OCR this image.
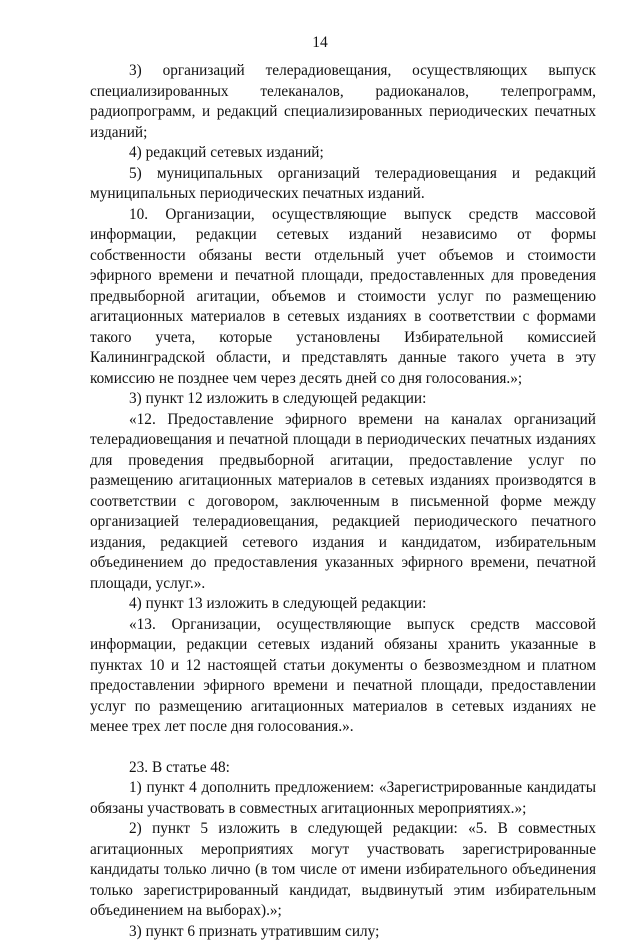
14

3) организаций телерадиовещания, осуществляющих выпуск специализированных телеканалов, радиоканалов, телепрограмм, радиопрограмм, и редакций специализированных периодических печатных изданий;

4) редакций сетевых изданий;

5) муниципальных организаций телерадиовещания и редакций муниципальных периодических печатных изданий.

10. Организации, осуществляющие выпуск средств массовой информации, редакции сетевых изданий независимо от формы собственности обязаны вести отдельный учет объемов и стоимости эфирного времени и печатной площади, предоставленных для проведения предвыборной агитации, объемов и стоимости услуг по размещению агитационных материалов в сетевых изданиях в соответствии с формами такого учета, которые установлены Избирательной комиссией Калининградской области, и представлять данные такого учета в эту комиссию не позднее чем через десять дней со дня голосования.»;

3) пункт 12 изложить в следующей редакции:

«12. Предоставление эфирного времени на каналах организаций телерадиовещания и печатной площади в периодических печатных изданиях для проведения предвыборной агитации, предоставление услуг по размещению агитационных материалов в сетевых изданиях производятся в соответствии с договором, заключенным в письменной форме между организацией телерадиовещания, редакцией периодического печатного издания, редакцией сетевого издания и кандидатом, избирательным объединением до предоставления указанных эфирного времени, печатной площади, услуг.».

4) пункт 13 изложить в следующей редакции:

«13. Организации, осуществляющие выпуск средств массовой информации, редакции сетевых изданий обязаны хранить указанные в пунктах 10 и 12 настоящей статьи документы о безвозмездном и платном предоставлении эфирного времени и печатной площади, предоставлении услуг по размещению агитационных материалов в сетевых изданиях не менее трех лет после дня голосования.».

23. В статье 48:

1) пункт 4 дополнить предложением: «Зарегистрированные кандидаты обязаны участвовать в совместных агитационных мероприятиях.»;

2) пункт 5 изложить в следующей редакции: «5. В совместных агитационных мероприятиях могут участвовать зарегистрированные кандидаты только лично (в том числе от имени избирательного объединения только зарегистрированный кандидат, выдвинутый этим избирательным объединением на выборах).»;

3) пункт 6 признать утратившим силу;
